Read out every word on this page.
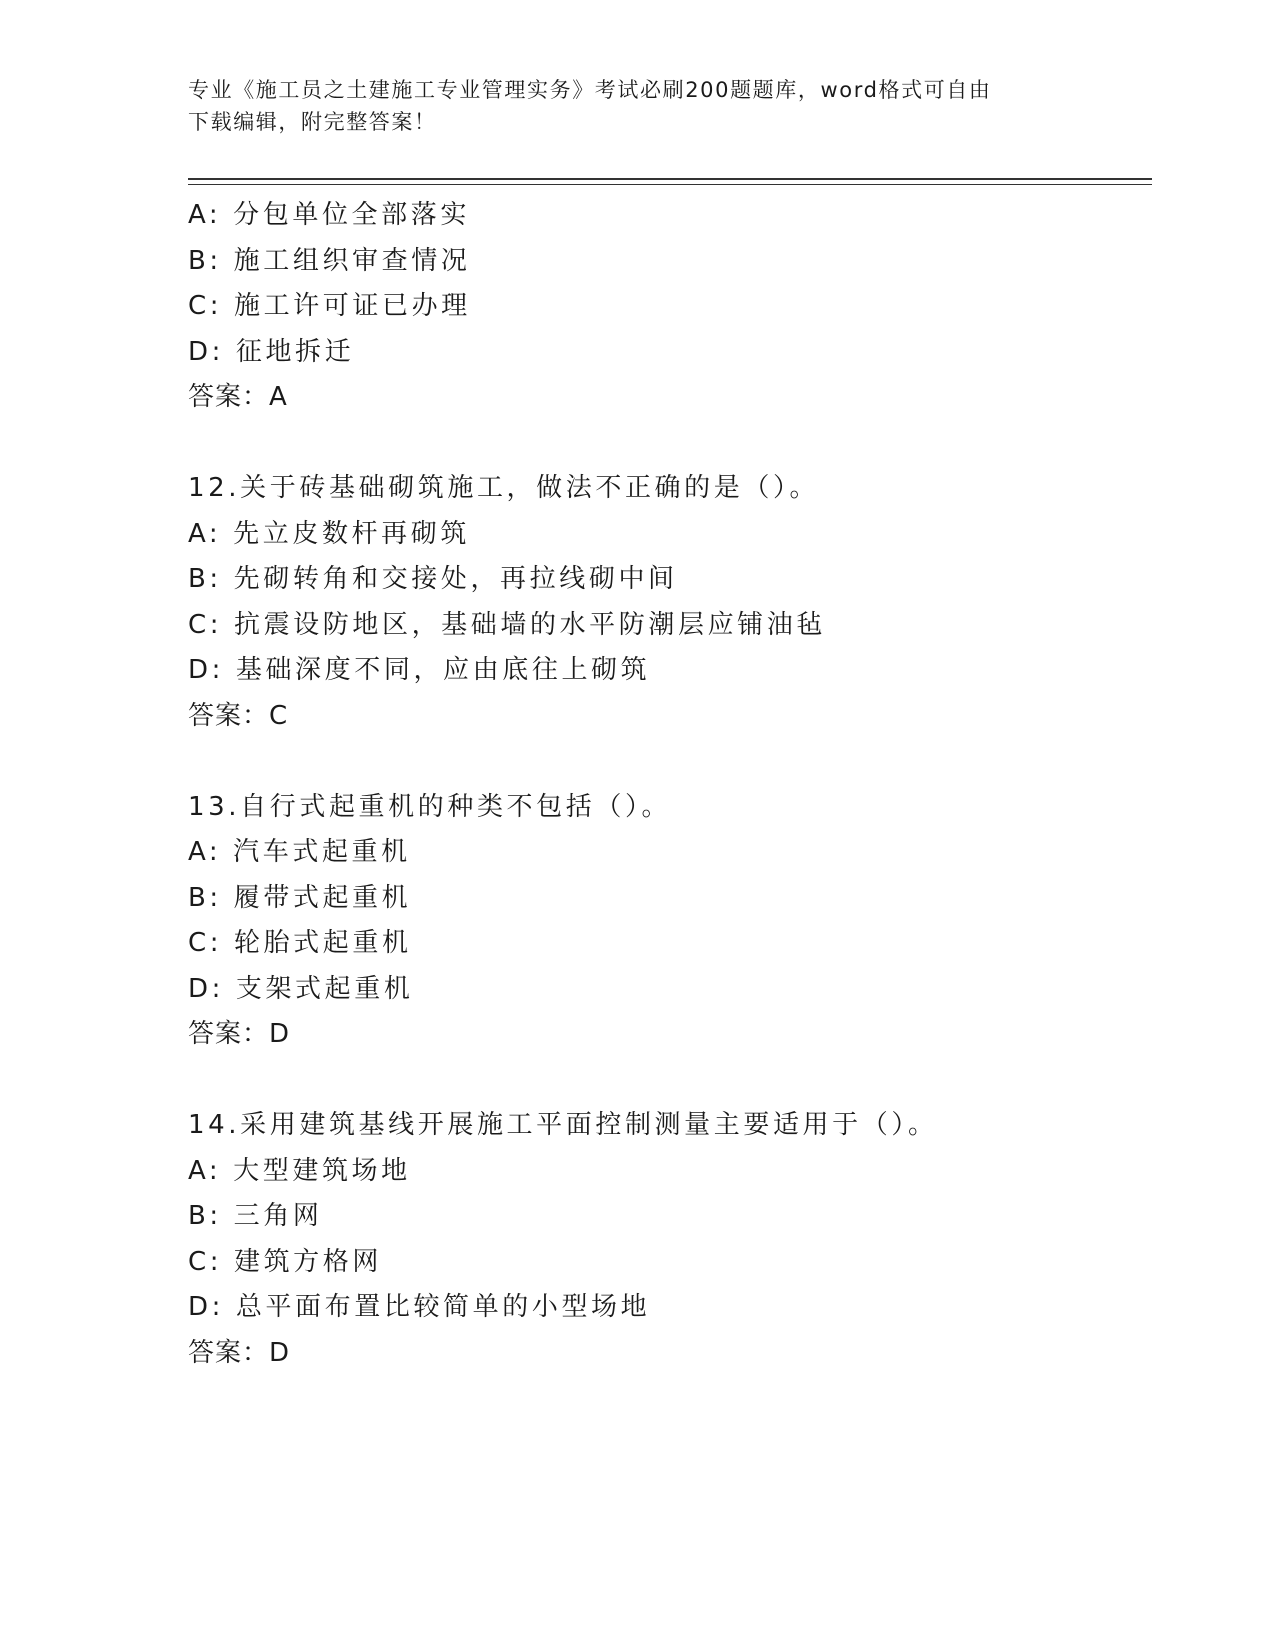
专业《施工员之土建施工专业管理实务》考试必刷200题题库，word格式可自由
下载编辑，附完整答案！
A: 分包单位全部落实
B: 施工组织审查情况
C: 施工许可证已办理
D: 征地拆迁
答案：A
12.关于砖基础砌筑施工，做法不正确的是（）。
A: 先立皮数杆再砌筑
B: 先砌转角和交接处，再拉线砌中间
C: 抗震设防地区，基础墙的水平防潮层应铺油毡
D: 基础深度不同，应由底往上砌筑
答案：C
13.自行式起重机的种类不包括（）。
A: 汽车式起重机
B: 履带式起重机
C: 轮胎式起重机
D: 支架式起重机
答案：D
14.采用建筑基线开展施工平面控制测量主要适用于（）。
A: 大型建筑场地
B: 三角网
C: 建筑方格网
D: 总平面布置比较简单的小型场地
答案：D
